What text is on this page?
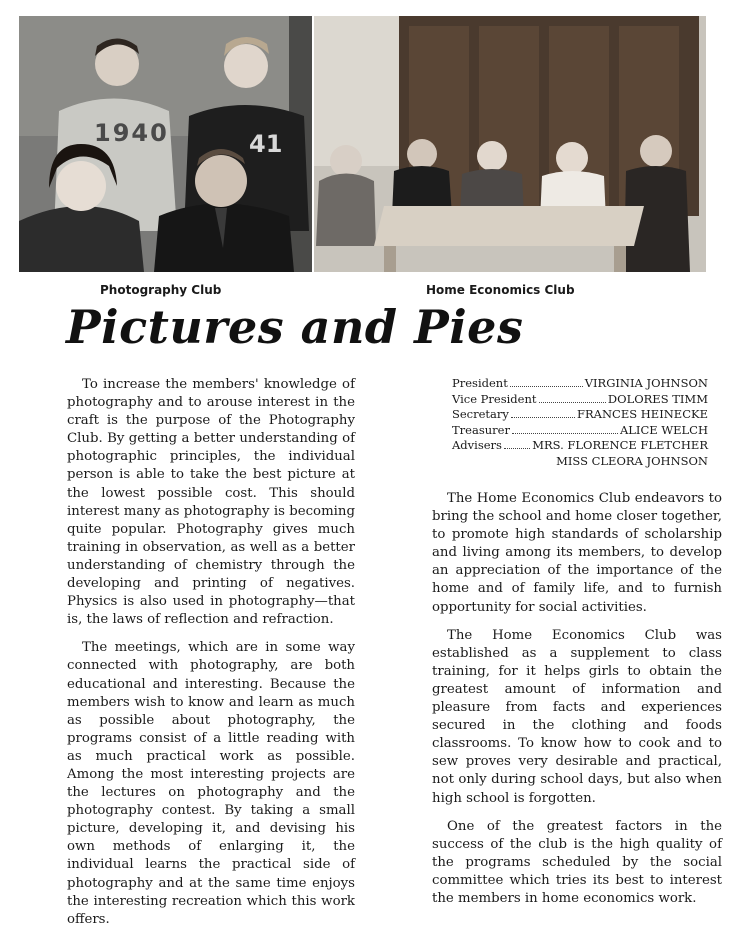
1940	41
Photography Club	Home Economics Club
Pictures and Pies

To increase the members' knowledge of photography and to arouse interest in the craft is the purpose of the Photography Club. By getting a better understanding of photographic principles, the individual person is able to take the best picture at the lowest possible cost. This should interest many as photography is becoming quite popular. Photography gives much training in observation, as well as a better understanding of chemistry through the developing and printing of negatives. Physics is also used in photography—that is, the laws of reflection and refraction.

The meetings, which are in some way connected with photography, are both educational and interesting. Because the members wish to know and learn as much as possible about photography, the programs consist of a little reading with as much practical work as possible. Among the most interesting projects are the lectures on photography and the photography contest. By taking a small picture, developing it, and devising his own methods of enlarging it, the individual learns the practical side of photography and at the same time enjoys the interesting recreation which this work offers.

President	VIRGINIA JOHNSON
Vice President	DOLORES TIMM
Secretary	FRANCES HEINECKE
Treasurer	ALICE WELCH
Advisers	MRS. FLORENCE FLETCHER
MISS CLEORA JOHNSON

The Home Economics Club endeavors to bring the school and home closer together, to promote high standards of scholarship and living among its members, to develop an appreciation of the importance of the home and of family life, and to furnish opportunity for social activities.

The Home Economics Club was established as a supplement to class training, for it helps girls to obtain the greatest amount of information and pleasure from facts and experiences secured in the clothing and foods classrooms. To know how to cook and to sew proves very desirable and practical, not only during school days, but also when high school is forgotten.

One of the greatest factors in the success of the club is the high quality of the programs scheduled by the social committee which tries its best to interest the members in home economics work.
